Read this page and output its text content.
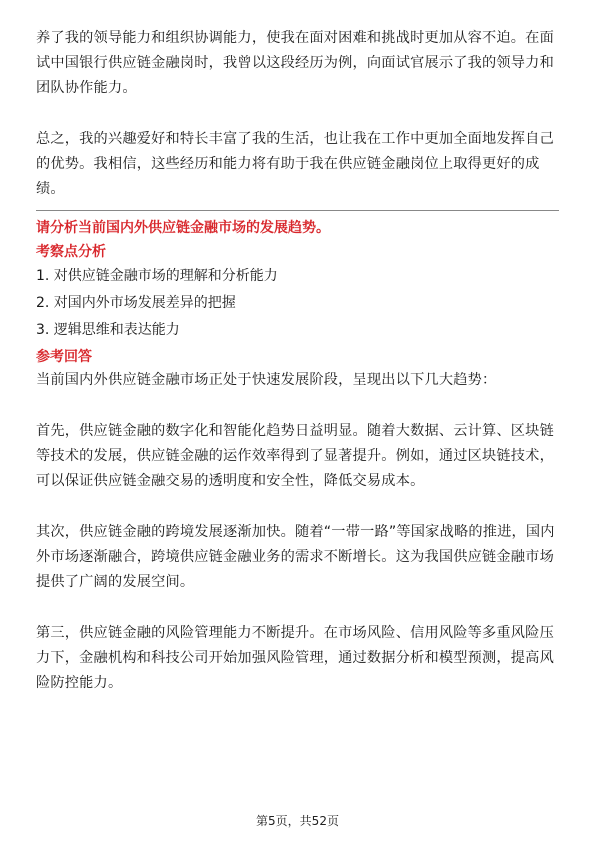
养了我的领导能力和组织协调能力，使我在面对困难和挑战时更加从容不迫。在面
试中国银行供应链金融岗时，我曾以这段经历为例，向面试官展示了我的领导力和
团队协作能力。

总之，我的兴趣爱好和特长丰富了我的生活，也让我在工作中更加全面地发挥自己
的优势。我相信，这些经历和能力将有助于我在供应链金融岗位上取得更好的成
绩。

请分析当前国内外供应链金融市场的发展趋势。

考察点分析

1. 对供应链金融市场的理解和分析能力
2. 对国内外市场发展差异的把握
3. 逻辑思维和表达能力

参考回答

当前国内外供应链金融市场正处于快速发展阶段，呈现出以下几大趋势：

首先，供应链金融的数字化和智能化趋势日益明显。随着大数据、云计算、区块链
等技术的发展，供应链金融的运作效率得到了显著提升。例如，通过区块链技术，
可以保证供应链金融交易的透明度和安全性，降低交易成本。

其次，供应链金融的跨境发展逐渐加快。随着“一带一路”等国家战略的推进，国内
外市场逐渐融合，跨境供应链金融业务的需求不断增长。这为我国供应链金融市场
提供了广阔的发展空间。

第三，供应链金融的风险管理能力不断提升。在市场风险、信用风险等多重风险压
力下，金融机构和科技公司开始加强风险管理，通过数据分析和模型预测，提高风
险防控能力。

第5页，共52页
